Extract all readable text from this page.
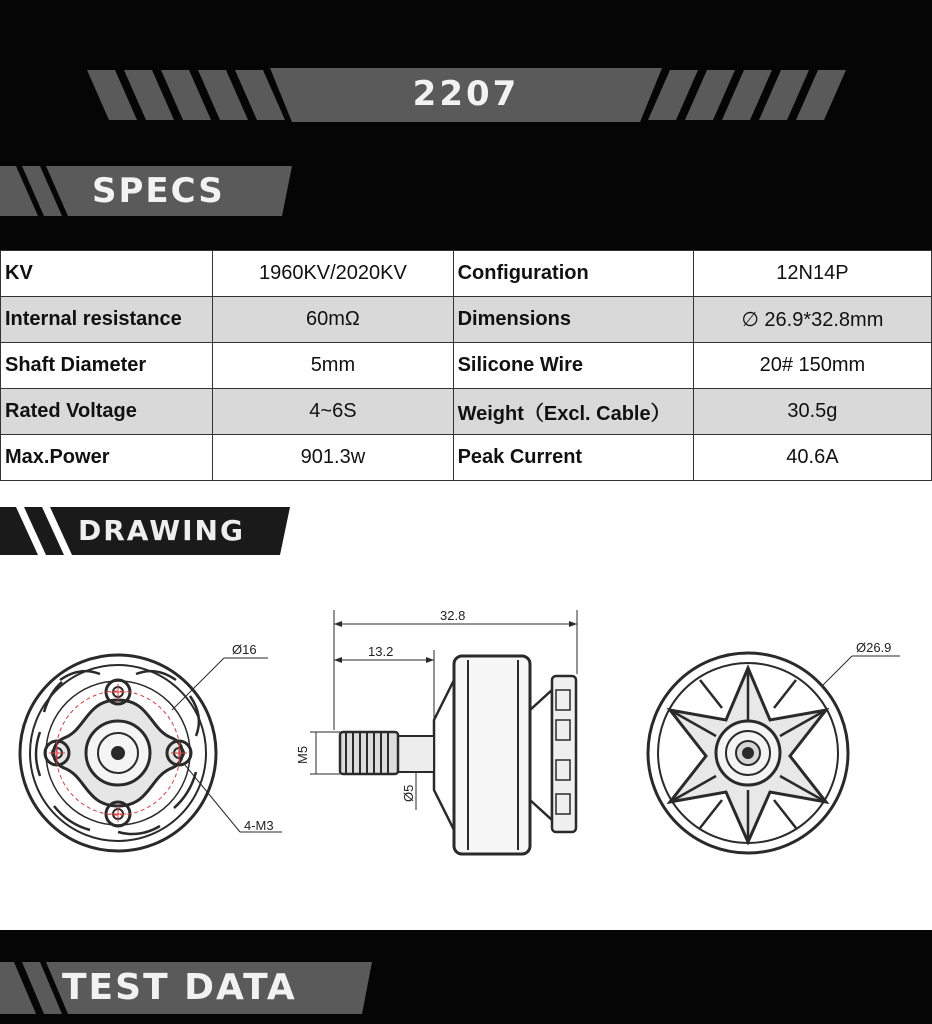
2207
SPECS
KV	1960KV/2020KV	Configuration	12N14P
Internal resistance	60mΩ	Dimensions	∅ 26.9*32.8mm
Shaft Diameter	5mm	Silicone Wire	20# 150mm
Rated Voltage	4~6S	Weight（Excl. Cable）	30.5g
Max.Power	901.3w	Peak Current	40.6A
DRAWING
Ø16
4-M3
32.8
13.2
M5
Ø5
Ø26.9
TEST DATA
